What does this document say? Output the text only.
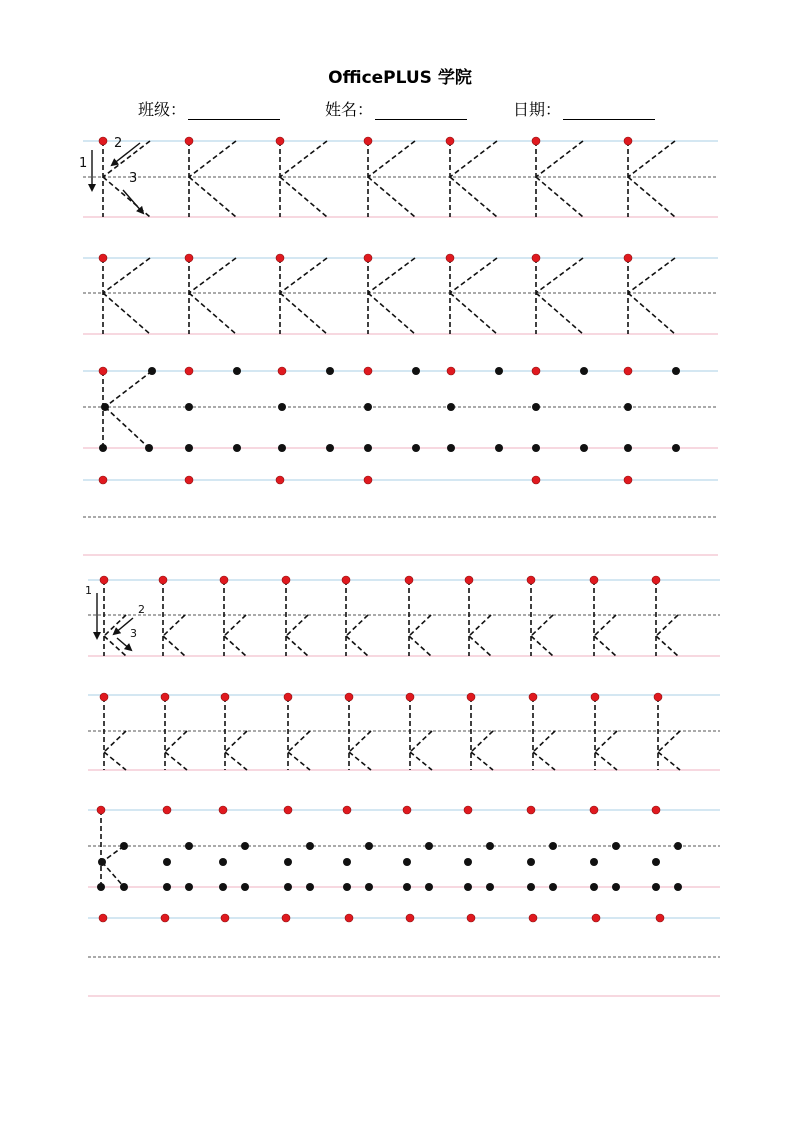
OfficePLUS 学院
班级：	姓名：	日期：
1
2
3
1
2
3
